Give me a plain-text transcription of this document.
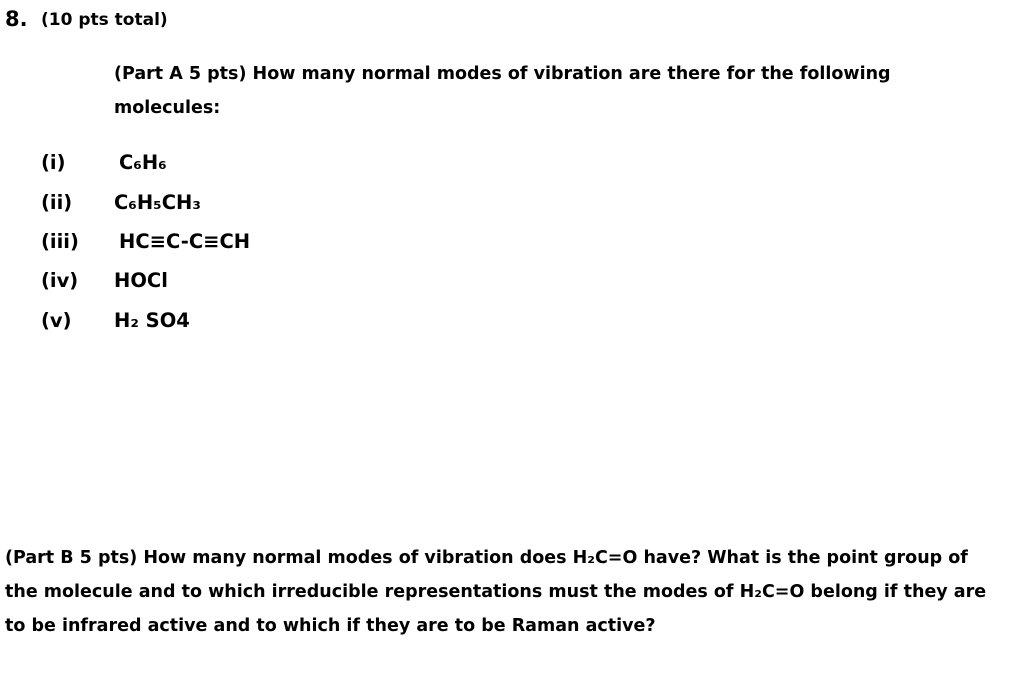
8. (10 pts total)
(Part A 5 pts) How many normal modes of vibration are there for the following
molecules:
(i)	C₆H₆
(ii) C₆H₅CH₃
(iii) HC≡C-C≡CH
(iv) HOCl
(v) H₂ SO4
(Part B 5 pts) How many normal modes of vibration does H₂C=O have? What is the point group of
the molecule and to which irreducible representations must the modes of H₂C=O belong if they are
to be infrared active and to which if they are to be Raman active?
